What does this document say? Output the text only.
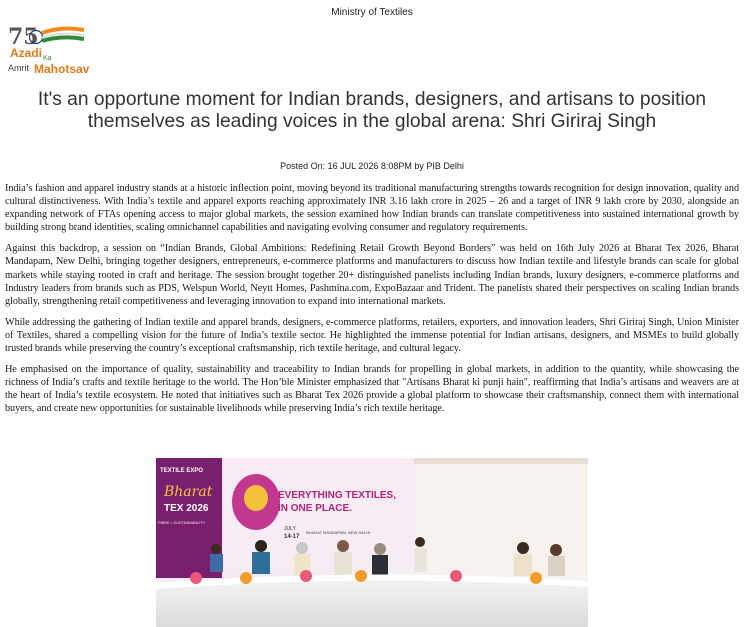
Ministry of Textiles
75
Azadi Ka
Amrit Mahotsav
It's an opportune moment for Indian brands, designers, and artisans to position themselves as leading voices in the global arena: Shri Giriraj Singh
Posted On: 16 JUL 2026 8:08PM by PIB Delhi

India’s fashion and apparel industry stands at a historic inflection point, moving beyond its traditional manufacturing strengths towards recognition for design innovation, quality and cultural distinctiveness. With India’s textile and apparel exports reaching approximately INR 3.16 lakh crore in 2025 – 26 and a target of INR 9 lakh crore by 2030, alongside an expanding network of FTAs opening access to major global markets, the session examined how Indian brands can translate competitiveness into sustained international growth by building strong brand identities, scaling omnichannel capabilities and navigating evolving consumer and regulatory requirements.

Against this backdrop, a session on “Indian Brands, Global Ambitions: Redefining Retail Growth Beyond Borders” was held on 16th July 2026 at Bharat Tex 2026, Bharat Mandapam, New Delhi, bringing together designers, entrepreneurs, e-commerce platforms and manufacturers to discuss how Indian textile and lifestyle brands can scale for global markets while staying rooted in craft and heritage. The session brought together 20+ distinguished panelists including Indian brands, luxury designers, e-commerce platforms and Industry leaders from brands such as PDS, Welspun World, Neytt Homes, Pashmina.com, ExpoBazaar and Trident. The panelists shared their perspectives on scaling Indian brands globally, strengthening retail competitiveness and leveraging innovation to expand into international markets.

While addressing the gathering of Indian textile and apparel brands, designers, e-commerce platforms, retailers, exporters, and innovation leaders, Shri Giriraj Singh, Union Minister of Textiles, shared a compelling vision for the future of India’s textile sector. He highlighted the immense potential for Indian artisans, designers, and MSMEs to build globally trusted brands while preserving the country’s exceptional craftsmanship, rich textile heritage, and cultural legacy.

He emphasised on the importance of quality, sustainability and traceability to Indian brands for propelling in global markets, in addition to the quantity, while showcasing the richness of India’s crafts and textile heritage to the world. The Hon’ble Minister emphasized that "Artisans Bharat ki punji hain", reaffirming that India’s artisans and weavers are at the heart of India’s textile ecosystem. He noted that initiatives such as Bharat Tex 2026 provide a global platform to showcase their craftsmanship, connect them with international buyers, and create new opportunities for sustainable livelihoods while preserving India’s rich textile heritage.

TEXTILE EXPO
Bharat
TEX 2026
FIBRE • SUSTAINABILITY
EVERYTHING TEXTILES,
IN ONE PLACE.
JULY
14-17
BHARAT MANDAPAM, NEW DELHI
